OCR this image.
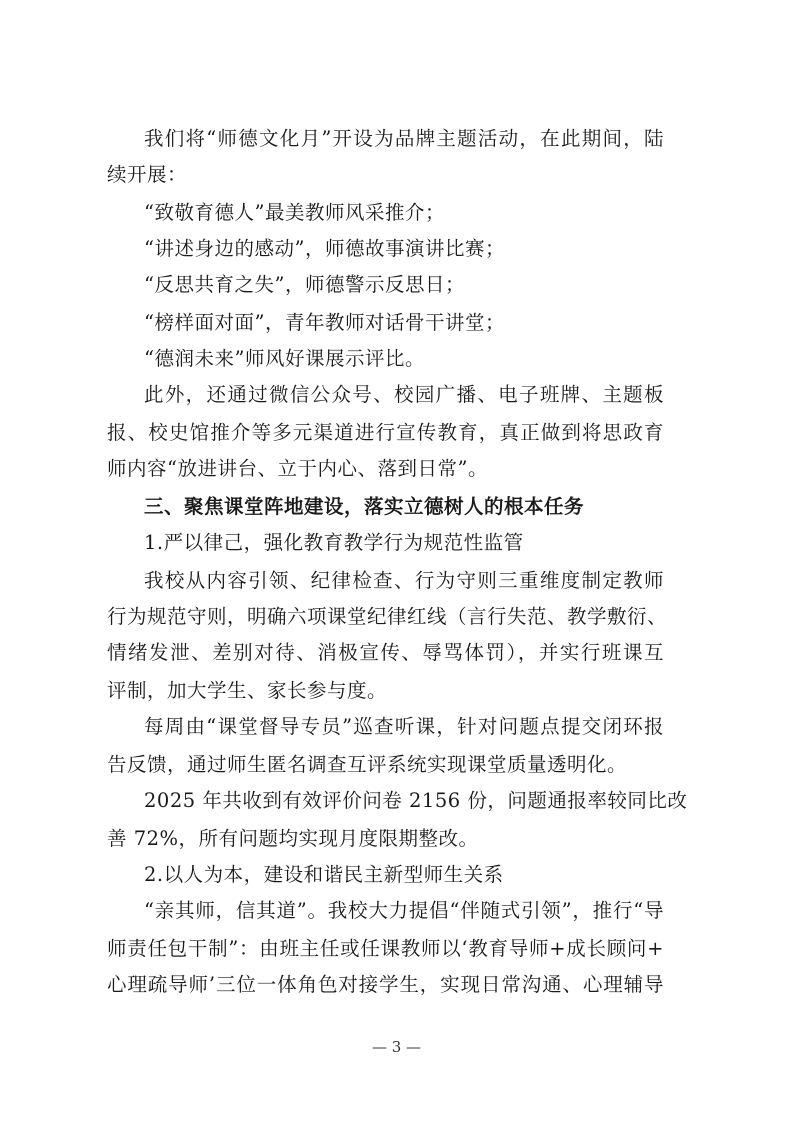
我们将“师德文化月”开设为品牌主题活动，在此期间，陆
续开展：
“致敬育德人”最美教师风采推介；
“讲述身边的感动”，师德故事演讲比赛；
“反思共育之失”，师德警示反思日；
“榜样面对面”，青年教师对话骨干讲堂；
“德润未来”师风好课展示评比。
此外，还通过微信公众号、校园广播、电子班牌、主题板
报、校史馆推介等多元渠道进行宣传教育，真正做到将思政育
师内容“放进讲台、立于内心、落到日常”。
三、聚焦课堂阵地建设，落实立德树人的根本任务
1.严以律己，强化教育教学行为规范性监管
我校从内容引领、纪律检查、行为守则三重维度制定教师
行为规范守则，明确六项课堂纪律红线（言行失范、教学敷衍、
情绪发泄、差别对待、消极宣传、辱骂体罚），并实行班课互
评制，加大学生、家长参与度。
每周由“课堂督导专员”巡查听课，针对问题点提交闭环报
告反馈，通过师生匿名调查互评系统实现课堂质量透明化。
2025 年共收到有效评价问卷 2156 份，问题通报率较同比改
善 72%，所有问题均实现月度限期整改。
2.以人为本，建设和谐民主新型师生关系
“亲其师，信其道”。我校大力提倡“伴随式引领”，推行“导
师责任包干制”：由班主任或任课教师以‘教育导师+成长顾问+
心理疏导师’三位一体角色对接学生，实现日常沟通、心理辅导
— 3 —
